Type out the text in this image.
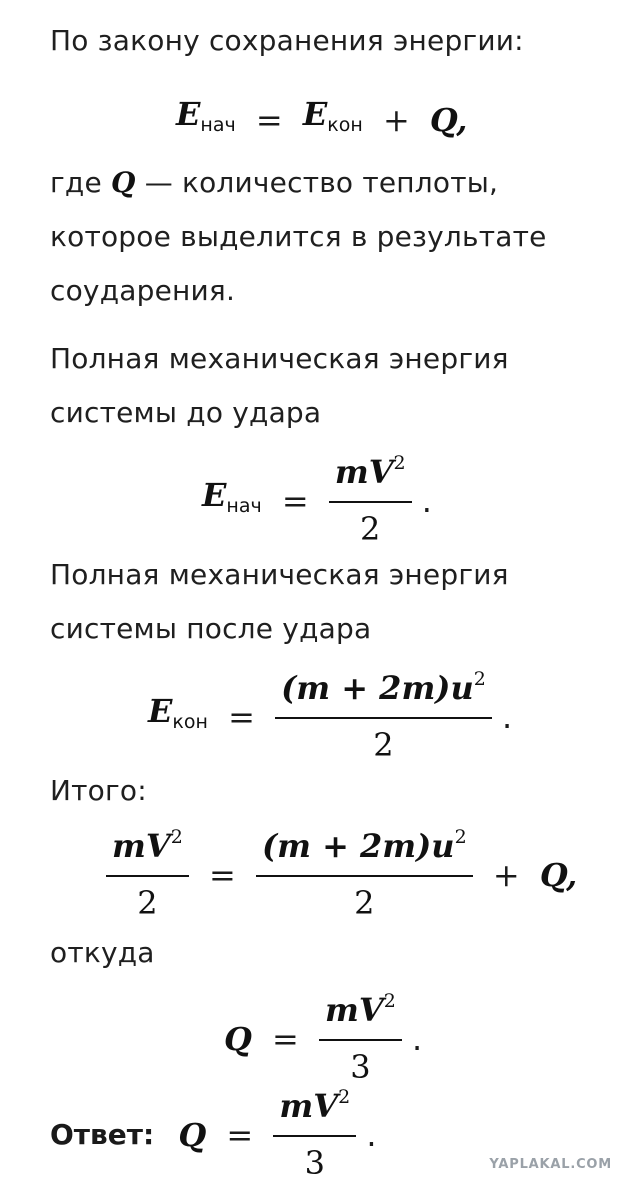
По закону сохранения энергии:

$E_{нач} = E_{кон} + Q$,

где Q — количество теплоты,

которое выделится в результате

соударения.

Полная механическая энергия

системы до удара

$E_{нач} = \frac{mV^2}{2}$ .

Полная механическая энергия

системы после удара

$E_{кон} = \frac{(m + 2m)u^2}{2}$ .

Итого:

$\frac{mV^2}{2} = \frac{(m + 2m)u^2}{2} + Q$,

откуда

$Q = \frac{mV^2}{3}$ .
Ответ: $Q = \frac{mV^2}{3}$ .
YAPLAKAL.COM
